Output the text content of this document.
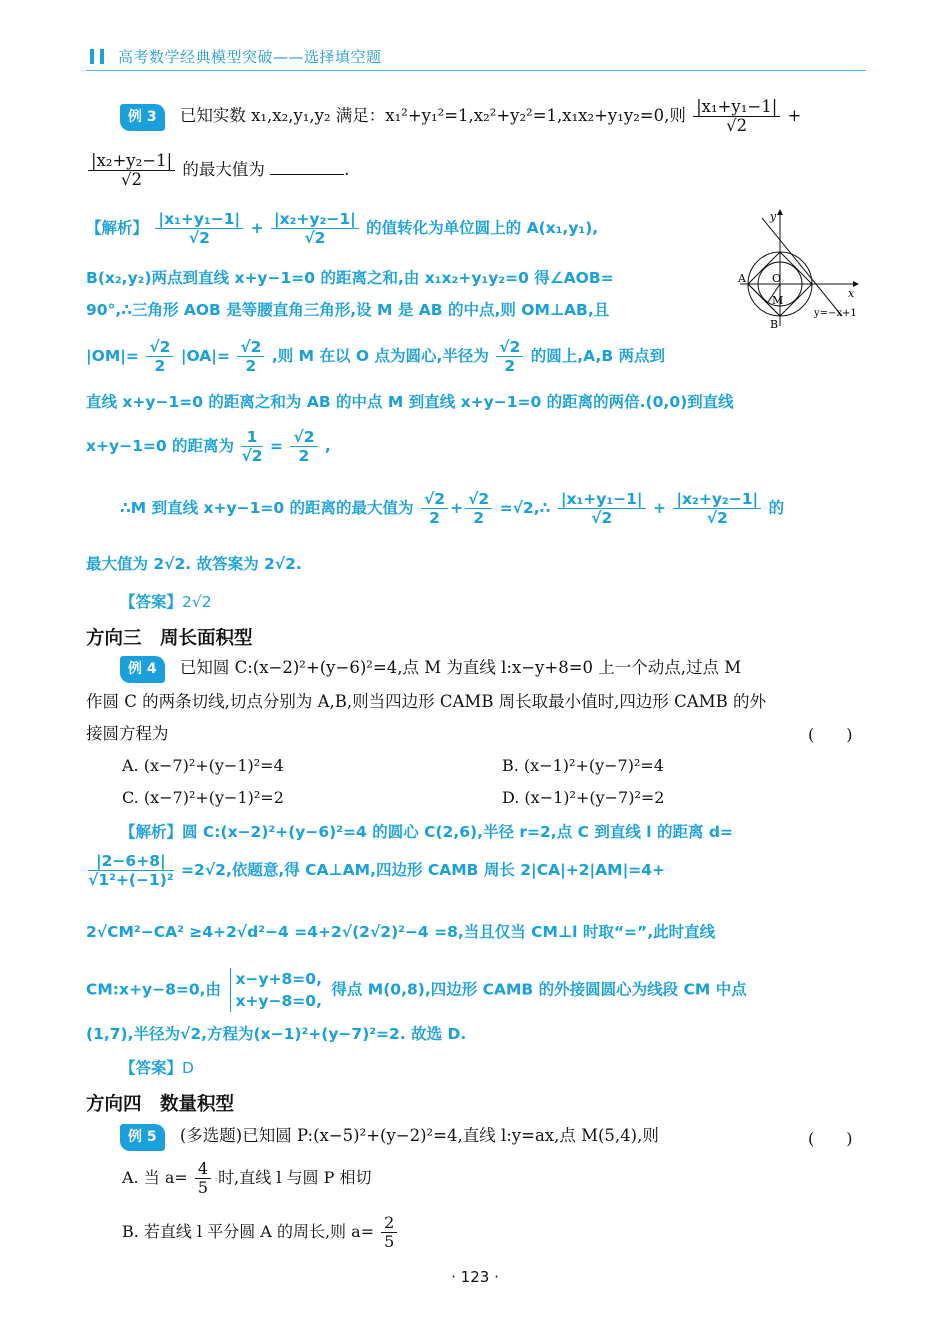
高考数学经典模型突破——选择填空题
例 3 已知实数 x₁,x₂,y₁,y₂ 满足：x₁²+y₁²=1,x₂²+y₂²=1,x₁x₂+y₁y₂=0,则 $\frac{\text{|x₁+y₁−1|}}{√2}$ +
$\frac{\text{|x₂+y₂−1|}}{√2}$ 的最大值为	.
【解析】 $\frac{\text{|x₁+y₁−1|}}{√2} + \frac{\text{|x₂+y₂−1|}}{√2}$ 的值转化为单位圆上的 A(x₁,y₁),
B(x₂,y₂)两点到直线 x+y−1=0 的距离之和,由 x₁x₂+y₁y₂=0 得∠AOB=
90°,∴三角形 AOB 是等腰直角三角形,设 M 是 AB 的中点,则 OM⊥AB,且
$|OM|= \frac{√2}{2} |OA|= \frac{√2}{2}$ ,则 M 在以 O 点为圆心,半径为 $\frac{√2}{2}$ 的圆上,A,B 两点到
直线 x+y−1=0 的距离之和为 AB 的中点 M 到直线 x+y−1=0 的距离的两倍.(0,0)到直线
x+y−1=0 的距离为 $\frac{1}{√2} = \frac{√2}{2}$ ,
∴M 到直线 x+y−1=0 的距离的最大值为 $\frac{√2}{2} + \frac{√2}{2}$ =√2,∴ $\frac{\text{|x₁+y₁−1|}}{√2} + \frac{\text{|x₂+y₂−1|}}{√2}$ 的
最大值为 2√2. 故答案为 2√2.
【答案】2√2
y
x
A O
M
B
y=−x+1
方向三　周长面积型
例 4 已知圆 C:(x−2)²+(y−6)²=4,点 M 为直线 l:x−y+8=0 上一个动点,过点 M
作圆 C 的两条切线,切点分别为 A,B,则当四边形 CAMB 周长取最小值时,四边形 CAMB 的外
接圆方程为	(　　)
A. (x−7)²+(y−1)²=4	B. (x−1)²+(y−7)²=4
C. (x−7)²+(y−1)²=2	D. (x−1)²+(y−7)²=2
【解析】圆 C:(x−2)²+(y−6)²=4 的圆心 C(2,6),半径 r=2,点 C 到直线 l 的距离 d=
$\frac{|2-6+8|}{\text{√1²+(−1)²}} =2√2$,依题意,得 CA⊥AM,四边形 CAMB 周长 2|CA|+2|AM|=4+
2√CM²−CA² ≥4+2√d²−4 =4+2√(2√2)²−4 =8,当且仅当 CM⊥l 时取“=”,此时直线
CM:x+y−8=0,由
x−y+8=0,
x+y−8=0,
得点 M(0,8),四边形 CAMB 的外接圆圆心为线段 CM 中点
(1,7),半径为√2,方程为(x−1)²+(y−7)²=2. 故选 D.
【答案】D
方向四　数量积型
例 5 (多选题)已知圆 P:(x−5)²+(y−2)²=4,直线 l:y=ax,点 M(5,4),则	(　　)
A. 当 $a= \frac{4}{5}$ 时,直线 l 与圆 P 相切
B. 若直线 l 平分圆 A 的周长,则 $a= \frac{2}{5}$
· 123 ·
